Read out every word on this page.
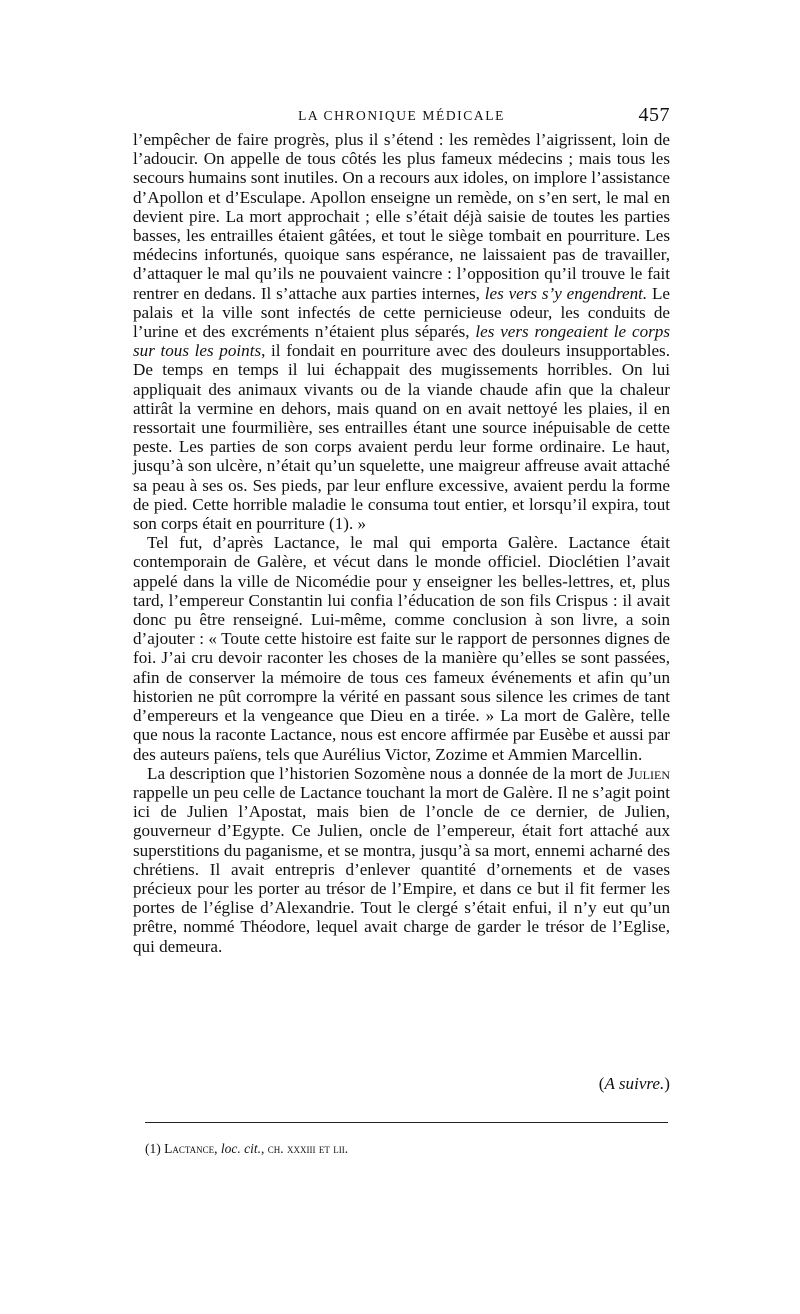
LA CHRONIQUE MÉDICALE	457

l’empêcher de faire progrès, plus il s’étend : les remèdes l’aigrissent, loin de l’adoucir. On appelle de tous côtés les plus fameux médecins ; mais tous les secours humains sont inutiles. On a recours aux idoles, on implore l’assistance d’Apollon et d’Esculape. Apollon enseigne un remède, on s’en sert, le mal en devient pire. La mort approchait ; elle s’était déjà saisie de toutes les parties basses, les entrailles étaient gâtées, et tout le siège tombait en pourriture. Les médecins infortunés, quoique sans espérance, ne laissaient pas de travailler, d’attaquer le mal qu’ils ne pouvaient vaincre : l’opposition qu’il trouve le fait rentrer en dedans. Il s’attache aux parties internes, les vers s’y engendrent. Le palais et la ville sont infectés de cette pernicieuse odeur, les conduits de l’urine et des excréments n’étaient plus séparés, les vers rongeaient le corps sur tous les points, il fondait en pourriture avec des douleurs insupportables. De temps en temps il lui échappait des mugissements horribles. On lui appliquait des animaux vivants ou de la viande chaude afin que la chaleur attirât la vermine en dehors, mais quand on en avait nettoyé les plaies, il en ressortait une fourmilière, ses entrailles étant une source inépuisable de cette peste. Les parties de son corps avaient perdu leur forme ordinaire. Le haut, jusqu’à son ulcère, n’était qu’un squelette, une maigreur affreuse avait attaché sa peau à ses os. Ses pieds, par leur enflure excessive, avaient perdu la forme de pied. Cette horrible maladie le consuma tout entier, et lorsqu’il expira, tout son corps était en pourriture (1). »

Tel fut, d’après Lactance, le mal qui emporta Galère. Lactance était contemporain de Galère, et vécut dans le monde officiel. Dioclétien l’avait appelé dans la ville de Nicomédie pour y enseigner les belles-lettres, et, plus tard, l’empereur Constantin lui confia l’éducation de son fils Crispus : il avait donc pu être renseigné. Lui-même, comme conclusion à son livre, a soin d’ajouter : « Toute cette histoire est faite sur le rapport de personnes dignes de foi. J’ai cru devoir raconter les choses de la manière qu’elles se sont passées, afin de conserver la mémoire de tous ces fameux événements et afin qu’un historien ne pût corrompre la vérité en passant sous silence les crimes de tant d’empereurs et la vengeance que Dieu en a tirée. » La mort de Galère, telle que nous la raconte Lactance, nous est encore affirmée par Eusèbe et aussi par des auteurs païens, tels que Aurélius Victor, Zozime et Ammien Marcellin.

La description que l’historien Sozomène nous a donnée de la mort de Julien rappelle un peu celle de Lactance touchant la mort de Galère. Il ne s’agit point ici de Julien l’Apostat, mais bien de l’oncle de ce dernier, de Julien, gouverneur d’Egypte. Ce Julien, oncle de l’empereur, était fort attaché aux superstitions du paganisme, et se montra, jusqu’à sa mort, ennemi acharné des chrétiens. Il avait entrepris d’enlever quantité d’ornements et de vases précieux pour les porter au trésor de l’Empire, et dans ce but il fit fermer les portes de l’église d’Alexandrie. Tout le clergé s’était enfui, il n’y eut qu’un prêtre, nommé Théodore, lequel avait charge de garder le trésor de l’Eglise, qui demeura.

(A suivre.)
(1) Lactance, loc. cit., ch. xxxiii et lii.
